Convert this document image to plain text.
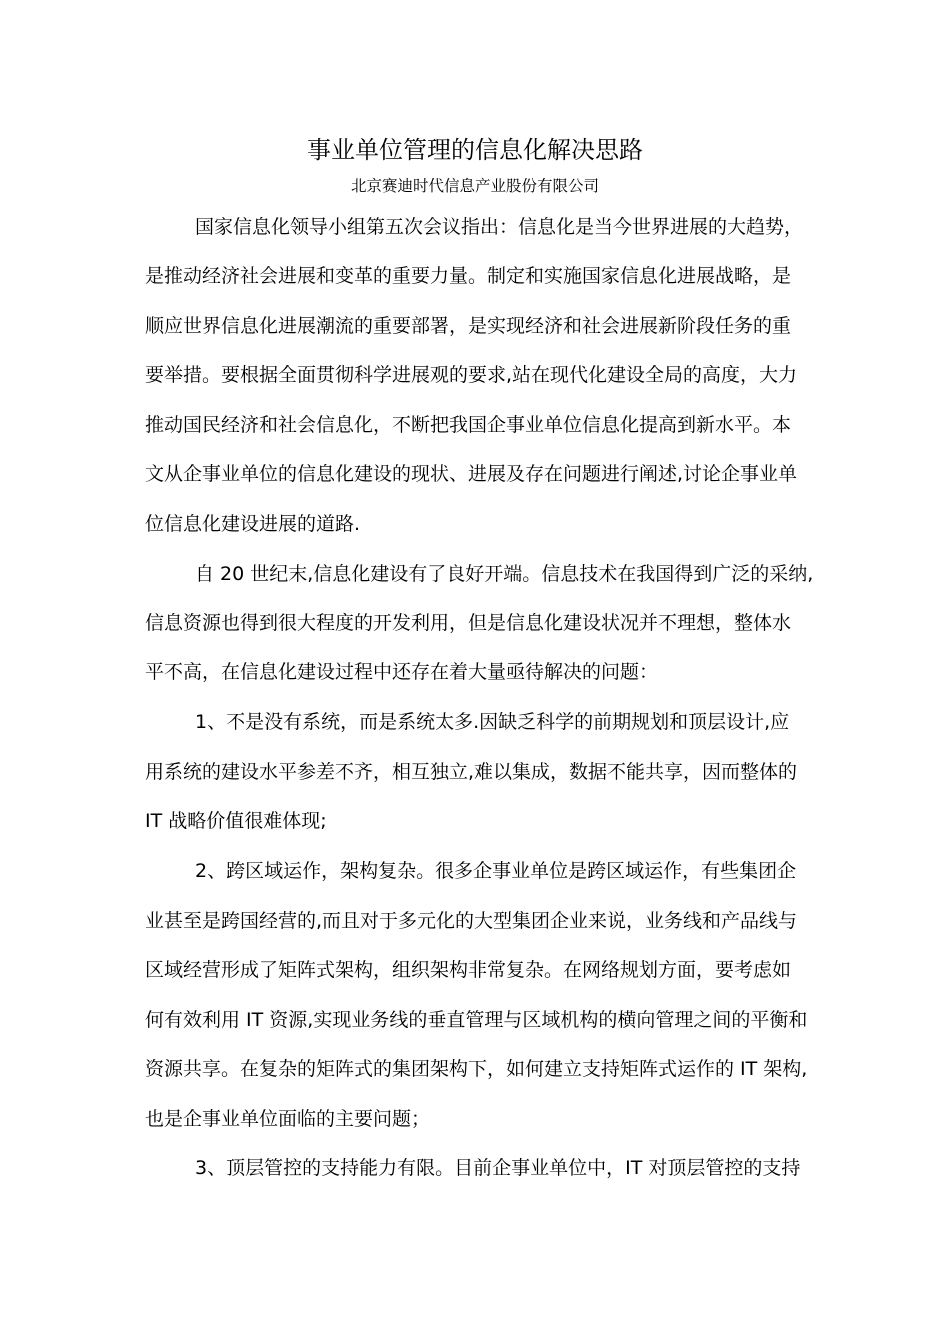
事业单位管理的信息化解决思路
北京赛迪时代信息产业股份有限公司
国家信息化领导小组第五次会议指出：信息化是当今世界进展的大趋势，
是推动经济社会进展和变革的重要力量。制定和实施国家信息化进展战略，是
顺应世界信息化进展潮流的重要部署，是实现经济和社会进展新阶段任务的重
要举措。要根据全面贯彻科学进展观的要求,站在现代化建设全局的高度，大力
推动国民经济和社会信息化，不断把我国企事业单位信息化提高到新水平。本
文从企事业单位的信息化建设的现状、进展及存在问题进行阐述,讨论企事业单
位信息化建设进展的道路.
自 20 世纪末,信息化建设有了良好开端。信息技术在我国得到广泛的采纳,
信息资源也得到很大程度的开发利用，但是信息化建设状况并不理想，整体水
平不高，在信息化建设过程中还存在着大量亟待解决的问题：
1、不是没有系统，而是系统太多.因缺乏科学的前期规划和顶层设计,应
用系统的建设水平参差不齐，相互独立,难以集成，数据不能共享，因而整体的
IT 战略价值很难体现;
2、跨区域运作，架构复杂。很多企事业单位是跨区域运作，有些集团企
业甚至是跨国经营的,而且对于多元化的大型集团企业来说，业务线和产品线与
区域经营形成了矩阵式架构，组织架构非常复杂。在网络规划方面，要考虑如
何有效利用 IT 资源,实现业务线的垂直管理与区域机构的横向管理之间的平衡和
资源共享。在复杂的矩阵式的集团架构下，如何建立支持矩阵式运作的 IT 架构,
也是企事业单位面临的主要问题；
3、顶层管控的支持能力有限。目前企事业单位中，IT 对顶层管控的支持
